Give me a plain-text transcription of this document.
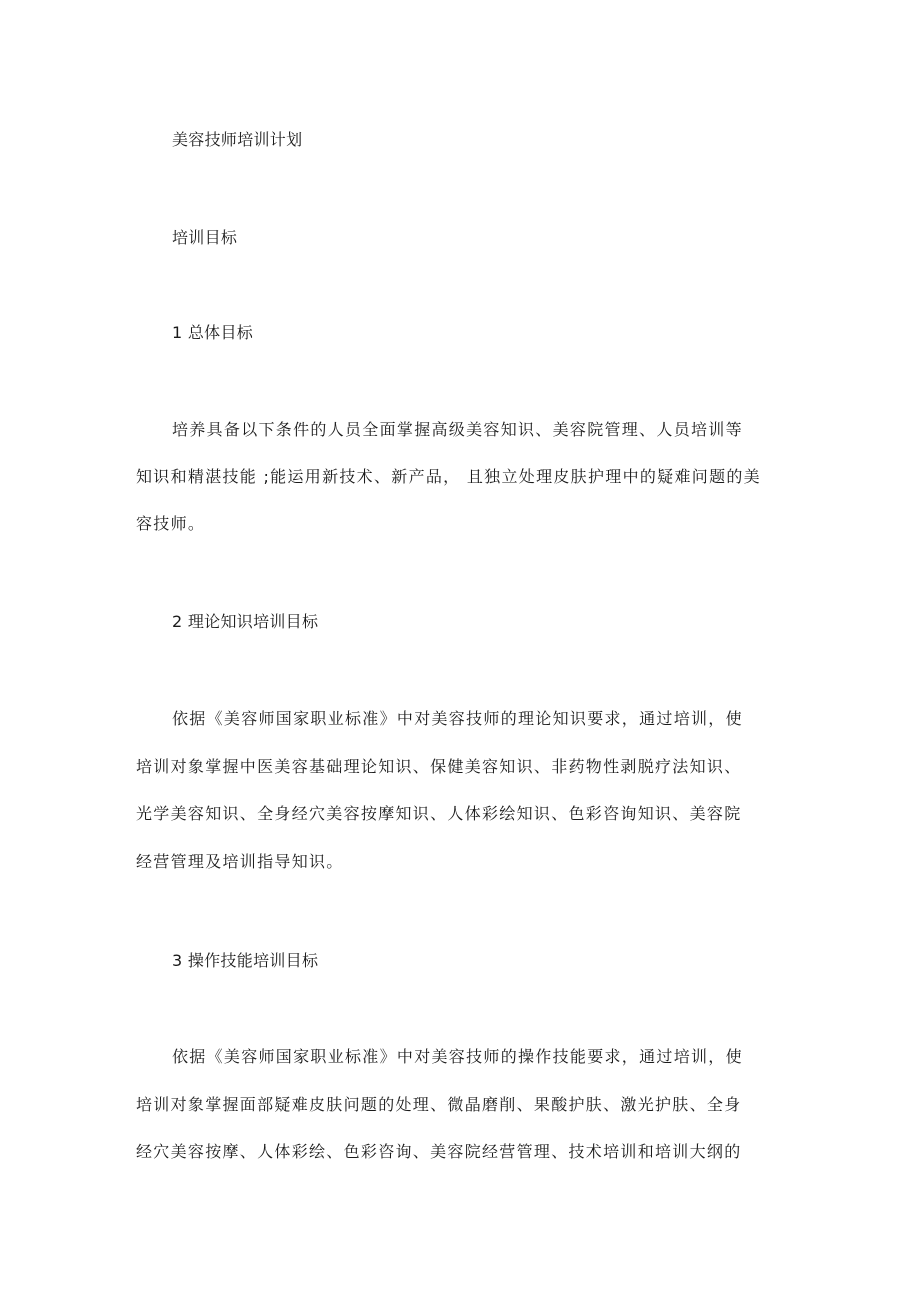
美容技师培训计划

培训目标

1 总体目标

培养具备以下条件的人员全面掌握高级美容知识、美容院管理、人员培训等

知识和精湛技能 ;能运用新技术、新产品， 且独立处理皮肤护理中的疑难问题的美

容技师。

2 理论知识培训目标

依据《美容师国家职业标准》中对美容技师的理论知识要求，通过培训，使

培训对象掌握中医美容基础理论知识、保健美容知识、非药物性剥脱疗法知识、

光学美容知识、全身经穴美容按摩知识、人体彩绘知识、色彩咨询知识、美容院

经营管理及培训指导知识。

3 操作技能培训目标

依据《美容师国家职业标准》中对美容技师的操作技能要求，通过培训，使

培训对象掌握面部疑难皮肤问题的处理、微晶磨削、果酸护肤、激光护肤、全身

经穴美容按摩、人体彩绘、色彩咨询、美容院经营管理、技术培训和培训大纲的
